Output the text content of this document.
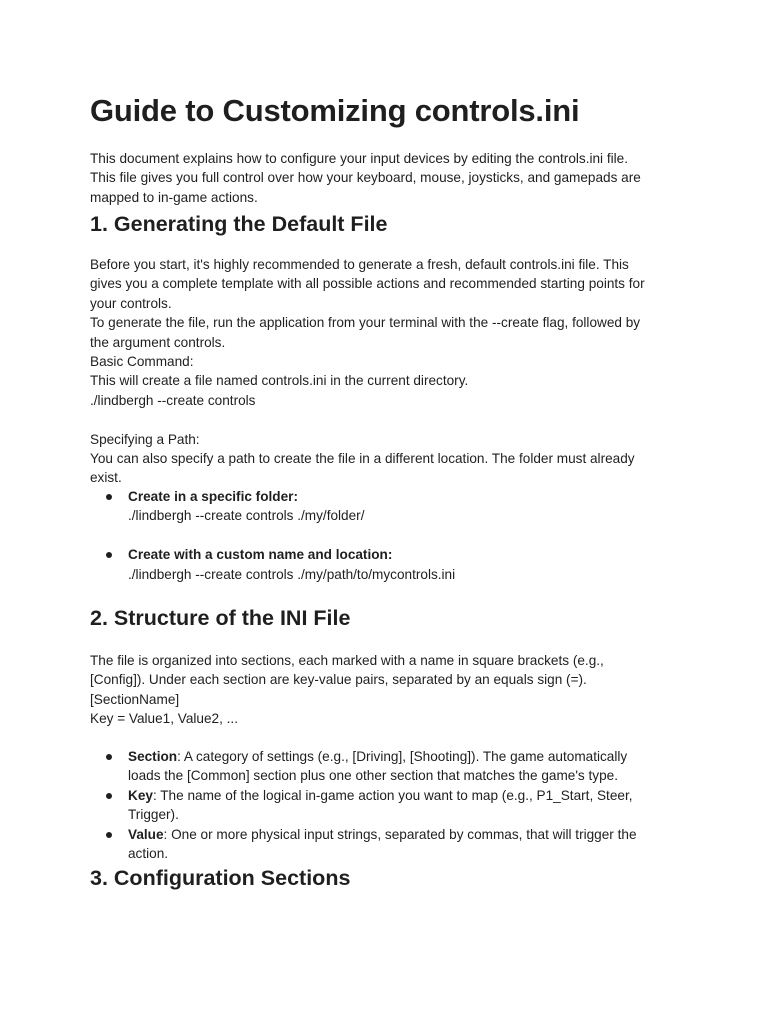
Guide to Customizing controls.ini
This document explains how to configure your input devices by editing the controls.ini file.
This file gives you full control over how your keyboard, mouse, joysticks, and gamepads are
mapped to in-game actions.
1. Generating the Default File
Before you start, it's highly recommended to generate a fresh, default controls.ini file. This
gives you a complete template with all possible actions and recommended starting points for
your controls.
To generate the file, run the application from your terminal with the --create flag, followed by
the argument controls.
Basic Command:
This will create a file named controls.ini in the current directory.
./lindbergh --create controls

Specifying a Path:
You can also specify a path to create the file in a different location. The folder must already
exist.
Create in a specific folder:
./lindbergh --create controls ./my/folder/

Create with a custom name and location:
./lindbergh --create controls ./my/path/to/mycontrols.ini
2. Structure of the INI File
The file is organized into sections, each marked with a name in square brackets (e.g.,
[Config]). Under each section are key-value pairs, separated by an equals sign (=).
[SectionName]
Key = Value1, Value2, ...
Section: A category of settings (e.g., [Driving], [Shooting]). The game automatically
loads the [Common] section plus one other section that matches the game's type.
Key: The name of the logical in-game action you want to map (e.g., P1_Start, Steer,
Trigger).
Value: One or more physical input strings, separated by commas, that will trigger the
action.
3. Configuration Sections
